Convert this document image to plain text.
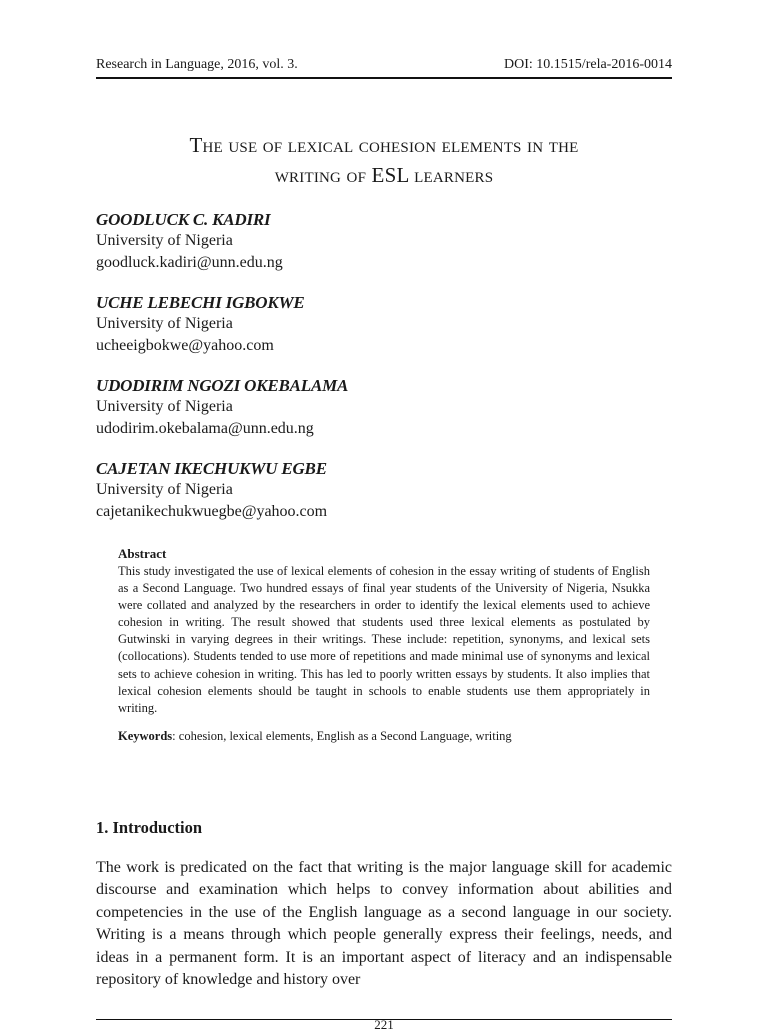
Research in Language, 2016, vol. 3.	DOI: 10.1515/rela-2016-0014
The use of lexical cohesion elements in the
writing of ESL learners
GOODLUCK C. KADIRI
University of Nigeria
goodluck.kadiri@unn.edu.ng
UCHE LEBECHI IGBOKWE
University of Nigeria
ucheeigbokwe@yahoo.com
UDODIRIM NGOZI OKEBALAMA
University of Nigeria
udodirim.okebalama@unn.edu.ng
CAJETAN IKECHUKWU EGBE
University of Nigeria
cajetanikechukwuegbe@yahoo.com
Abstract
This study investigated the use of lexical elements of cohesion in the essay writing of students of English as a Second Language. Two hundred essays of final year students of the University of Nigeria, Nsukka were collated and analyzed by the researchers in order to identify the lexical elements used to achieve cohesion in writing. The result showed that students used three lexical elements as postulated by Gutwinski in varying degrees in their writings. These include: repetition, synonyms, and lexical sets (collocations). Students tended to use more of repetitions and made minimal use of synonyms and lexical sets to achieve cohesion in writing. This has led to poorly written essays by students. It also implies that lexical cohesion elements should be taught in schools to enable students use them appropriately in writing.
Keywords: cohesion, lexical elements, English as a Second Language, writing
1. Introduction
The work is predicated on the fact that writing is the major language skill for academic discourse and examination which helps to convey information about abilities and competencies in the use of the English language as a second language in our society. Writing is a means through which people generally express their feelings, needs, and ideas in a permanent form. It is an important aspect of literacy and an indispensable repository of knowledge and history over
221
